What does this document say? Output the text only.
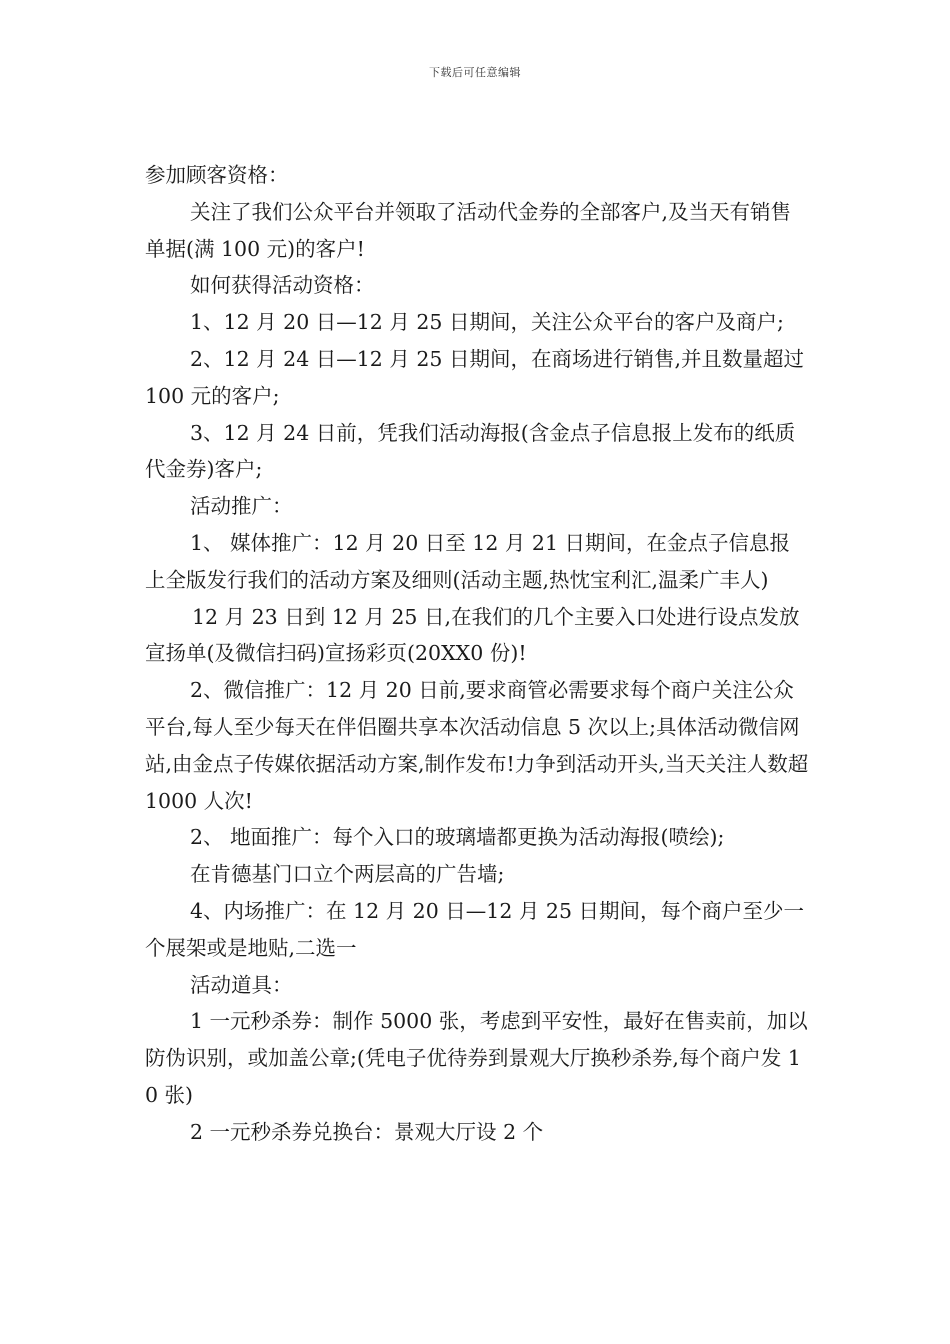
下载后可任意编辑

参加顾客资格：

关注了我们公众平台并领取了活动代金券的全部客户,及当天有销售单据(满 100 元)的客户!

如何获得活动资格：

1、12 月 20 日—12 月 25 日期间，关注公众平台的客户及商户;

2、12 月 24 日—12 月 25 日期间，在商场进行销售,并且数量超过 100 元的客户;

3、12 月 24 日前，凭我们活动海报(含金点子信息报上发布的纸质代金券)客户;

活动推广：

1、 媒体推广：12 月 20 日至 12 月 21 日期间，在金点子信息报上全版发行我们的活动方案及细则(活动主题,热忱宝利汇,温柔广丰人)

12 月 23 日到 12 月 25 日,在我们的几个主要入口处进行设点发放宣扬单(及微信扫码)宣扬彩页(20XX0 份)!

2、微信推广：12 月 20 日前,要求商管必需要求每个商户关注公众平台,每人至少每天在伴侣圈共享本次活动信息 5 次以上;具体活动微信网站,由金点子传媒依据活动方案,制作发布!力争到活动开头,当天关注人数超 1000 人次!

2、 地面推广：每个入口的玻璃墙都更换为活动海报(喷绘);

在肯德基门口立个两层高的广告墙;

4、内场推广：在 12 月 20 日—12 月 25 日期间，每个商户至少一个展架或是地贴,二选一

活动道具：

1 一元秒杀券：制作 5000 张，考虑到平安性，最好在售卖前，加以防伪识别，或加盖公章;(凭电子优待券到景观大厅换秒杀券,每个商户发 10 张)

2 一元秒杀券兑换台：景观大厅设 2 个
